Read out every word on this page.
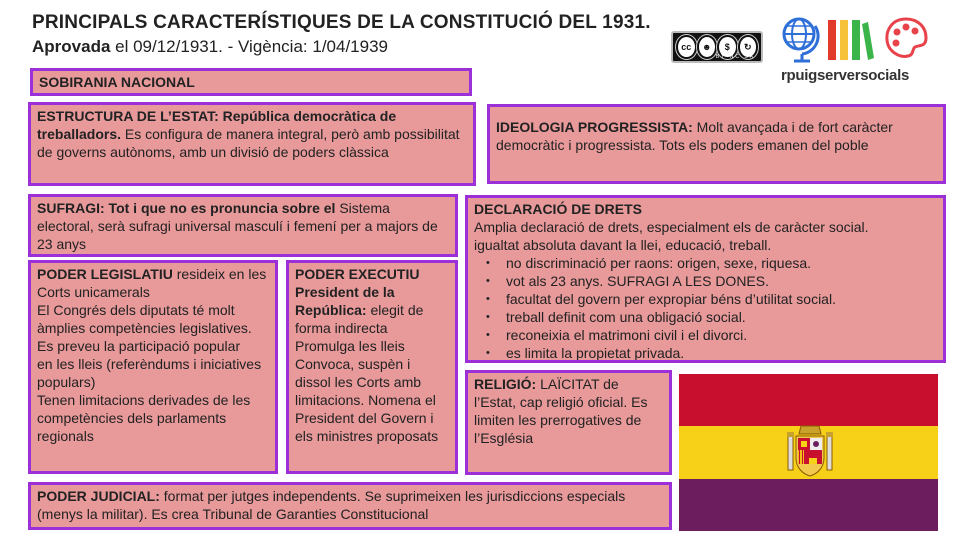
PRINCIPALS CARACTERÍSTIQUES DE LA CONSTITUCIÓ DEL 1931.
Aprovada el 09/12/1931. - Vigència: 1/04/1939	cc	☻	$	↻
BY NC SA
rpuigserversocials
SOBIRANIA NACIONAL
ESTRUCTURA DE L’ESTAT: República democràtica de treballadors. Es configura de manera integral, però amb possibilitat de governs autònoms, amb un divisió de poders clàssica
IDEOLOGIA PROGRESSISTA: Molt avançada i de fort caràcter democràtic i progressista. Tots els poders emanen del poble
SUFRAGI: Tot i que no es pronuncia sobre el Sistema electoral, serà sufragi universal masculí i femení per a majors de 23 anys
DECLARACIÓ DE DRETS
Amplia declaració de drets, especialment els de caràcter social.
igualtat absoluta davant la llei, educació, treball.
• no discriminació per raons: origen, sexe, riquesa.
• vot als 23 anys. SUFRAGI A LES DONES.
• facultat del govern per expropiar béns d’utilitat social.
• treball definit com una obligació social.
• reconeixia el matrimoni civil i el divorci.
• es limita la propietat privada.
PODER LEGISLATIU resideix en les Corts unicamerals
El Congrés dels diputats té molt àmplies competències legislatives. Es preveu la participació popular
en les lleis (referèndums i iniciatives populars)
Tenen limitacions derivades de les competències dels parlaments regionals
PODER EXECUTIU President de la República: elegit de forma indirecta Promulga les lleis Convoca, suspèn i dissol les Corts amb limitacions. Nomena el President del Govern i els ministres proposats
RELIGIÓ: LAÏCITAT de l’Estat, cap religió oficial. Es limiten les prerrogatives de l’Església
PODER JUDICIAL: format per jutges independents. Se suprimeixen les jurisdiccions especials (menys la militar). Es crea Tribunal de Garanties Constitucional
